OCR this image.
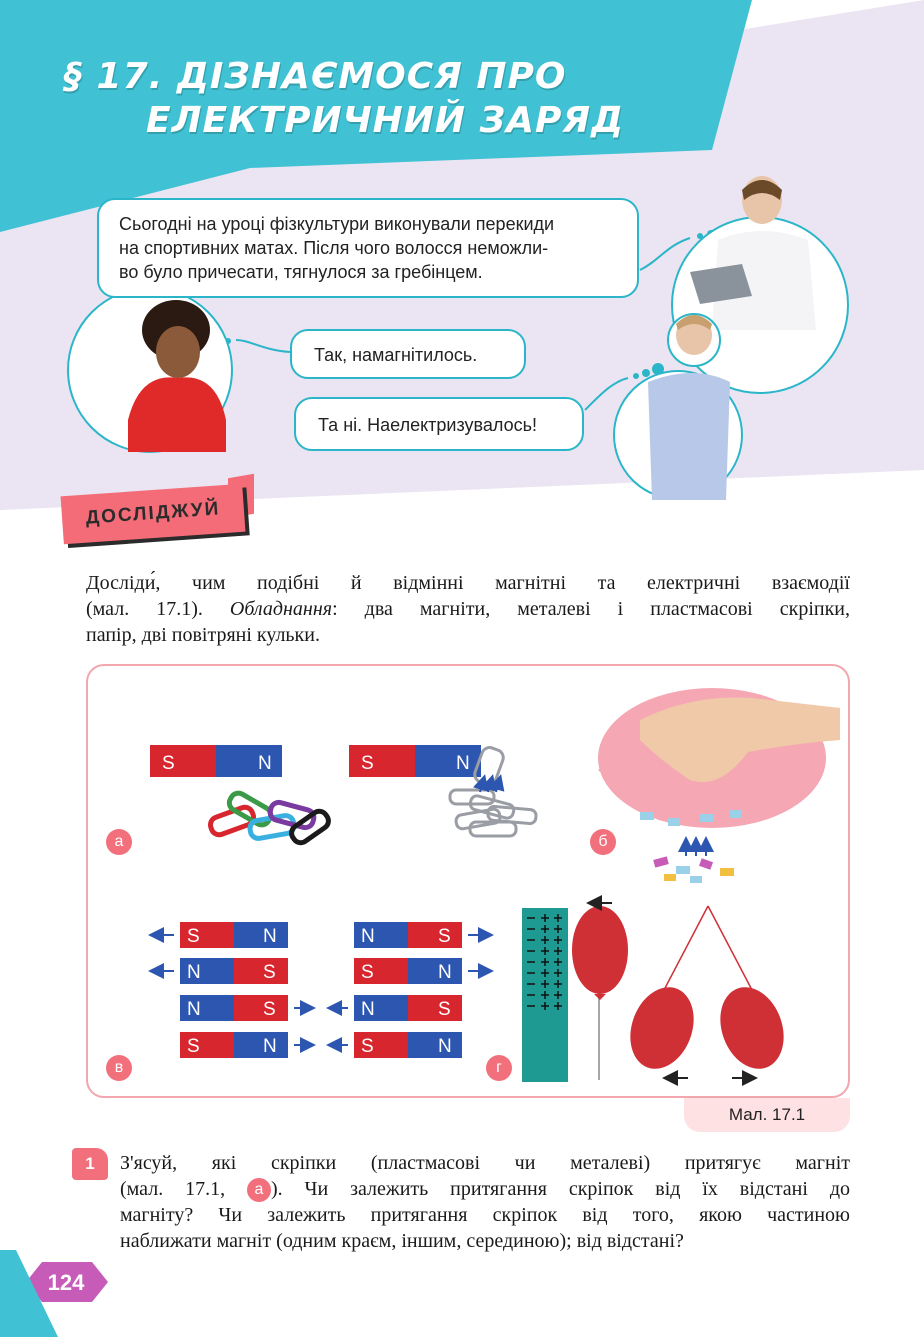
§ 17. ДІЗНАЄМОСЯ ПРО
ЕЛЕКТРИЧНИЙ ЗАРЯД
Сьогодні на уроці фізкультури виконували перекиди
на спортивних матах. Після чого волосся неможли-
во було причесати, тягнулося за гребінцем.
Так, намагнітилось.
Та ні. Наелектризувалось!
ДОСЛІДЖУЙ
Досліди́, чим подібні й відмінні магнітні та електричні взаємодії
(мал. 17.1). Обладнання: два магніти, металеві і пластмасові скріпки,
папір, дві повітряні кульки.
S	N	S	N
S	N	N	S
N	S	S	N
N	S	N	S
S	N	S	N
а	б
в	г
Мал. 17.1
1	З'ясуй, які скріпки (пластмасові чи металеві) притягує магніт
(мал. 17.1, а ). Чи залежить притягання скріпок від їх відстані до
магніту? Чи залежить притягання скріпок від того, якою частиною
наближати магніт (одним краєм, іншим, серединою); від відстані?
124
